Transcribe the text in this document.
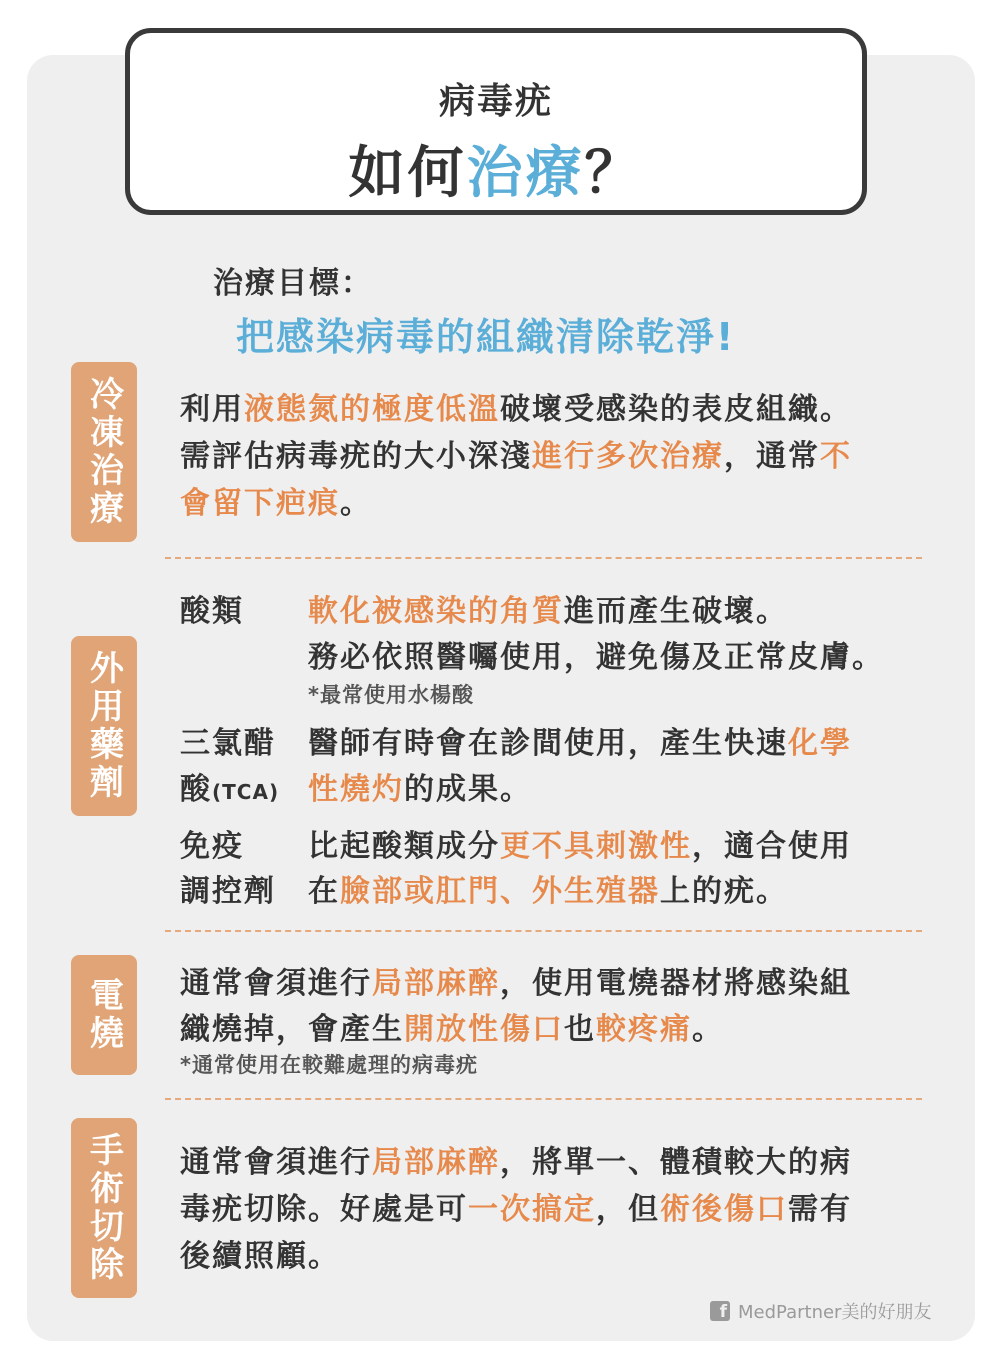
病毒疣
如何治療？
治療目標：
把感染病毒的組織清除乾淨!
冷凍治療 利用液態氮的極度低溫破壞受感染的表皮組織。
需評估病毒疣的大小深淺進行多次治療，通常不
會留下疤痕。
外用藥劑
酸類 軟化被感染的角質進而產生破壞。
務必依照醫囑使用，避免傷及正常皮膚。
*最常使用水楊酸
三氯醋
酸(TCA)
醫師有時會在診間使用，產生快速化學
性燒灼的成果。
免疫
調控劑
比起酸類成分更不具刺激性，適合使用
在臉部或肛門、外生殖器上的疣。
電燒 通常會須進行局部麻醉，使用電燒器材將感染組
織燒掉，會產生開放性傷口也較疼痛。
*通常使用在較難處理的病毒疣
手術切除 通常會須進行局部麻醉，將單一、體積較大的病
毒疣切除。好處是可一次搞定，但術後傷口需有
後續照顧。
f MedPartner美的好朋友
